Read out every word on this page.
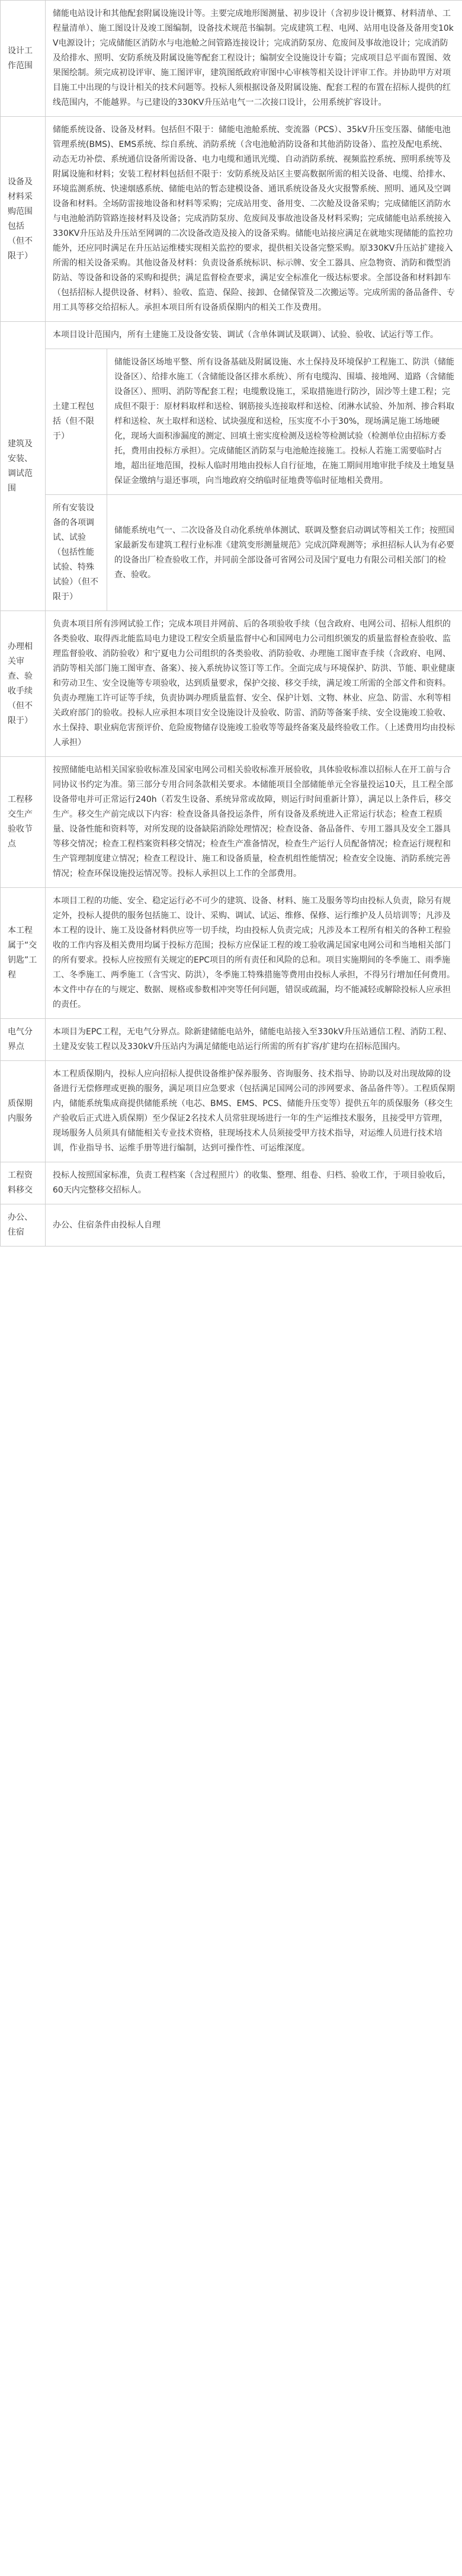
设计工作范围	储能电站设计和其他配套附属设施设计等。主要完成地形图测量、初步设计（含初步设计概算、材料清单、工程量清单）、施工图设计及竣工图编制，设备技术规范书编制。完成建筑工程、电网、站用电设备及备用变10kV电源设计；完成储能区消防水与电池舱之间管路连接设计；完成消防泵房、危废间及事故池设计；完成消防及给排水、照明、安防系统及附属设施等配套工程设计；编制安全设施设计专篇；完成项目总平面布置图、效果图绘制。须完成初设评审、施工图评审，建筑图纸政府审图中心审核等相关设计评审工作。并协助甲方对项目施工中出现的与设计相关的技术问题等。投标人须根据设备及附属设施、配套工程的布置在招标人提供的红线范围内，不能越界。与已建设的330KV升压站电气一二次接口设计，公用系统扩容设计。	
设备及材料采购范围包括（但不限于）	储能系统设备、设备及材料。包括但不限于：储能电池舱系统、变流器（PCS）、35kV升压变压器、储能电池管理系统(BMS)、EMS系统、综自系统、消防系统（含电池舱消防设备和其他消防设备）、监控及配电系统、动态无功补偿、系统通信设备所需设备、电力电缆和通讯光缆、自动消防系统、视频监控系统、照明系统等及附属设施和材料；安装工程材料包括但不限于：安防系统及站区主要高数据所需的相关设备、电缆、给排水、环境监测系统、快速烟感系统、储能电站的暂态建模设备、通讯系统设备及火灾报警系统、照明、通风及空调设备和材料。全场防雷接地设备和材料等采购；完成站用变、备用变、二次舱及设备采购；完成储能区消防水与电池舱消防管路连接材料及设备；完成消防泵房、危废间及事故池设备及材料采购；完成储能电站系统接入330KV升压站及升压站至网调的二次设备改造及接入的设备采购。储能电站接应满足在就地实现储能的监控功能外，还应同时满足在升压站运维楼实现相关监控的要求，提供相关设备完整采购。原330KV升压站扩建接入所需的相关设备采购。其他设备及材料：负责设备系统标识、标示牌、安全工器具、应急物资、消防和微型消防站、等设备和设备的采购和提供；满足监督检查要求，满足安全标准化一级达标要求。全部设备和材料卸车（包括招标人提供设备、材料）、验收、监造、保险、接卸、仓储保管及二次搬运等。完成所需的备品备件、专用工具等移交给招标人。承担本项目所有设备质保期内的相关工作及费用。	
建筑及安装、调试范围	本项目设计范围内，所有土建施工及设备安装、调试（含单体调试及联调）、试验、验收、试运行等工作。	
	土建工程包括（但不限于）	储能设备区场地平整、所有设备基础及附属设施、水土保持及环境保护工程施工、防洪（储能设备区）、给排水施工（含储能设备区排水系统）、所有电缆沟、围墙、接地网、道路（含储能设备区）、照明、消防等配套工程；电缆敷设施工，采取措施进行防沙，固沙等土建工程；完成但不限于：原材料取样和送检、钢筋接头连接取样和送检、闭淋水试验、外加剂、掺合料取样和送检、灰土取样和送检、试块强度和送检，压实度不小于30%，现场满足施工场地硬化，现场大面积渗漏度的测定、回填土密实度检测及送检等检测试验（检测单位由招标方委托，费用由投标方承担）。完成储能区消防泵与电池舱连接施工。投标人若施工需要临时占地，超出征地范围，投标人临时用地由投标人自行征地，在施工期间用地审批手续及土地复垦保证金缴纳与退还事项，向当地政府交纳临时征地费等临时征地相关费用。
	所有安装设备的各项调试、试验（包括性能试验、特殊试验）（但不限于）	储能系统电气一、二次设备及自动化系统单体测试、联调及整套启动调试等相关工作；按照国家最新发布建筑工程行业标准《建筑变形测量规范》完成沉降观测等；承担招标人认为有必要的设备出厂检查验收工作，并同前全部设备可省网公司及国宁夏电力有限公司相关部门的检查、验收。
办理相关审查、验收手续（但不限于）	负责本项目所有涉网试验工作；完成本项目并网前、后的各项验收手续（包含政府、电网公司、招标人组织的各类验收、取得西北能监局电力建设工程安全质量监督中心和国网电力公司组织颁发的质量监督检查验收、监理监督验收、消防验收）和宁夏电力公司组织的各类验收、消防验收、办理施工图审查手续（含政府、电网、消防等相关部门施工图审查、备案）、接入系统协议签订等工作。全面完成与环境保护、防洪、节能、职业健康和劳动卫生、安全设施等专项验收，达到质量要求，保护交接、移交手续，满足竣工所需的全部文件和资料。负责办理施工许可证等手续，负责协调办理质量监督、安全、保护计划、文物、林业、应急、防雷、水利等相关政府部门的验收。投标人应承担本项目安全设施设计及验收、防雷、消防等备案手续、安全设施竣工验收、水土保持、职业病危害预评价、危险废物储存设施竣工验收等等最终备案及最终验收工作。（上述费用均由投标人承担）	
工程移交生产验收节点	按照储能电站相关国家验收标准及国家电网公司相关验收标准开展验收，具体验收标准以招标人在开工前与合同协议书约定为准。第三部分专用合同条款相关要求。本储能项目全部储能单元全容量投运10天，且工程全部设备带电并可正常运行240h（若发生设备、系统异常或故障，则运行时间重新计算），满足以上条件后，移交生产。移交生产前完成以下内容：检查设备具备投运条件，所有设备及系统进入正常运行状态；检查工程质量、设备性能和资料等，对所发现的设备缺陷消除处理情况；检查设备、备品备件、专用工器具及安全工器具等移交情况；检查工程档案资料移交情况；检查生产准备情况，检查生产运行人员配备情况；检查运行规程和生产管理制度建立情况；检查工程设计、施工和设备质量，检查机组性能情况；检查安全设施、消防系统完善情况；检查环保设施投运情况等。投标人承担以上工作的全部费用。	
本工程属于“交钥匙”工程	本项目工程的功能、安全、稳定运行必不可少的建筑、设备、材料、施工及服务等均由投标人负责，除另有规定外，投标人提供的服务包括施工、设计、采购、调试、试运、维修、保修、运行维护及人员培训等；凡涉及本工程的设计、施工及设备材料供应等一切手续，均由投标人负责完成；凡涉及本工程所有相关的各种工程验收的工作内容及相关费用均属于投标方范围；投标方应保证工程的竣工验收满足国家电网公司和当地相关部门的所有要求。投标人应按照有关规定的EPC项目的所有责任和风险的总和。项目实施期间的冬季施工、雨季施工、冬季施工、两季施工（含雪灾、防洪），冬季施工特殊措施等费用由投标人承担，不得另行增加任何费用。本文件中存在的与规定、数据、规格或参数相冲突等任何问题，错误或疏漏，均不能减轻或解除投标人应承担的责任。	
电气分界点	本项目为EPC工程，无电气分界点。除新建储能电站外，储能电站接入至330kV升压站通信工程、消防工程、土建及安装工程以及330kV升压站内为满足储能电站运行所需的所有扩容/扩建均在招标范围内。	
质保期内服务	本工程质保期内，投标人应向招标人提供设备维护保养服务、咨询服务、技术指导、协助以及对出现故障的设备进行无偿修理或更换的服务，满足项目应急要求（包括满足国网公司的涉网要求、备品备件等）。工程质保期内，储能系统集成商提供储能系统（电芯、BMS、EMS、PCS、储能升压变等）提供五年的质保服务（移交生产验收后正式进入质保期）至少保证2名技术人员常驻现场进行一年的生产运维技术服务，且接受甲方管理，现场服务人员须具有储能相关专业技术资格，驻现场技术人员须接受甲方技术指导，对运维人员进行技术培训，作业指导书、运维手册等进行编制，达到可操作性、可运维深度。	
工程资料移交	投标人按照国家标准，负责工程档案（含过程照片）的收集、整理、组卷、归档、验收工作，于项目验收后，60天内完整移交招标人。	
办公、住宿	办公、住宿条件由投标人自理	
